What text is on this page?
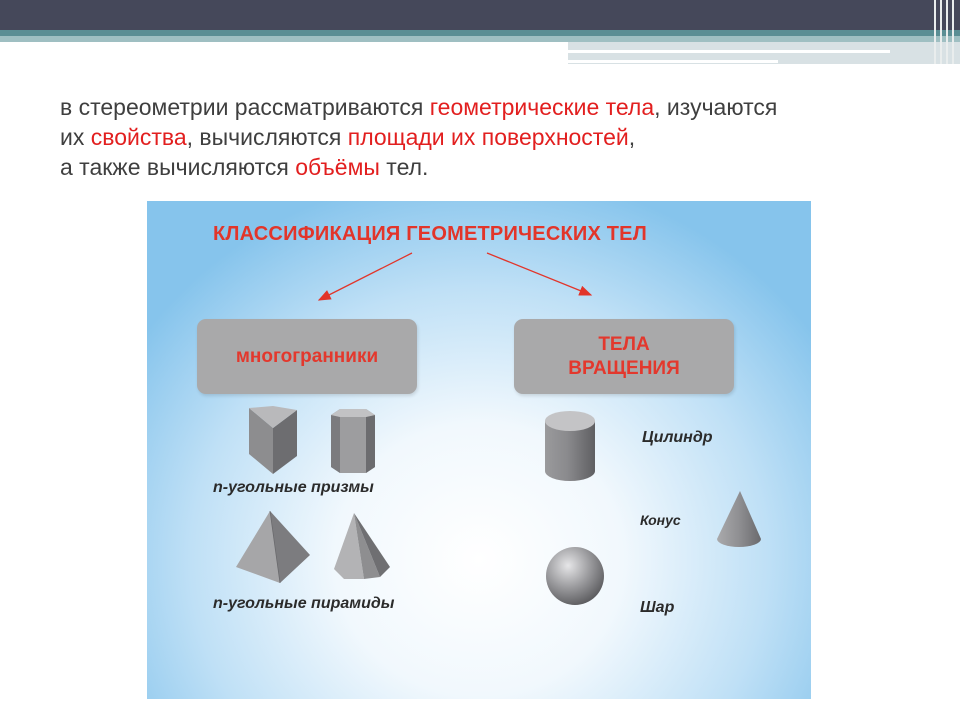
в стереометрии рассматриваются геометрические тела, изучаются
их свойства, вычисляются площади их поверхностей,
а также вычисляются объёмы тел.
КЛАССИФИКАЦИЯ ГЕОМЕТРИЧЕСКИХ ТЕЛ
многогранники
ТЕЛА
ВРАЩЕНИЯ
n-угольные призмы
n-угольные пирамиды
Цилиндр
Конус
Шар
